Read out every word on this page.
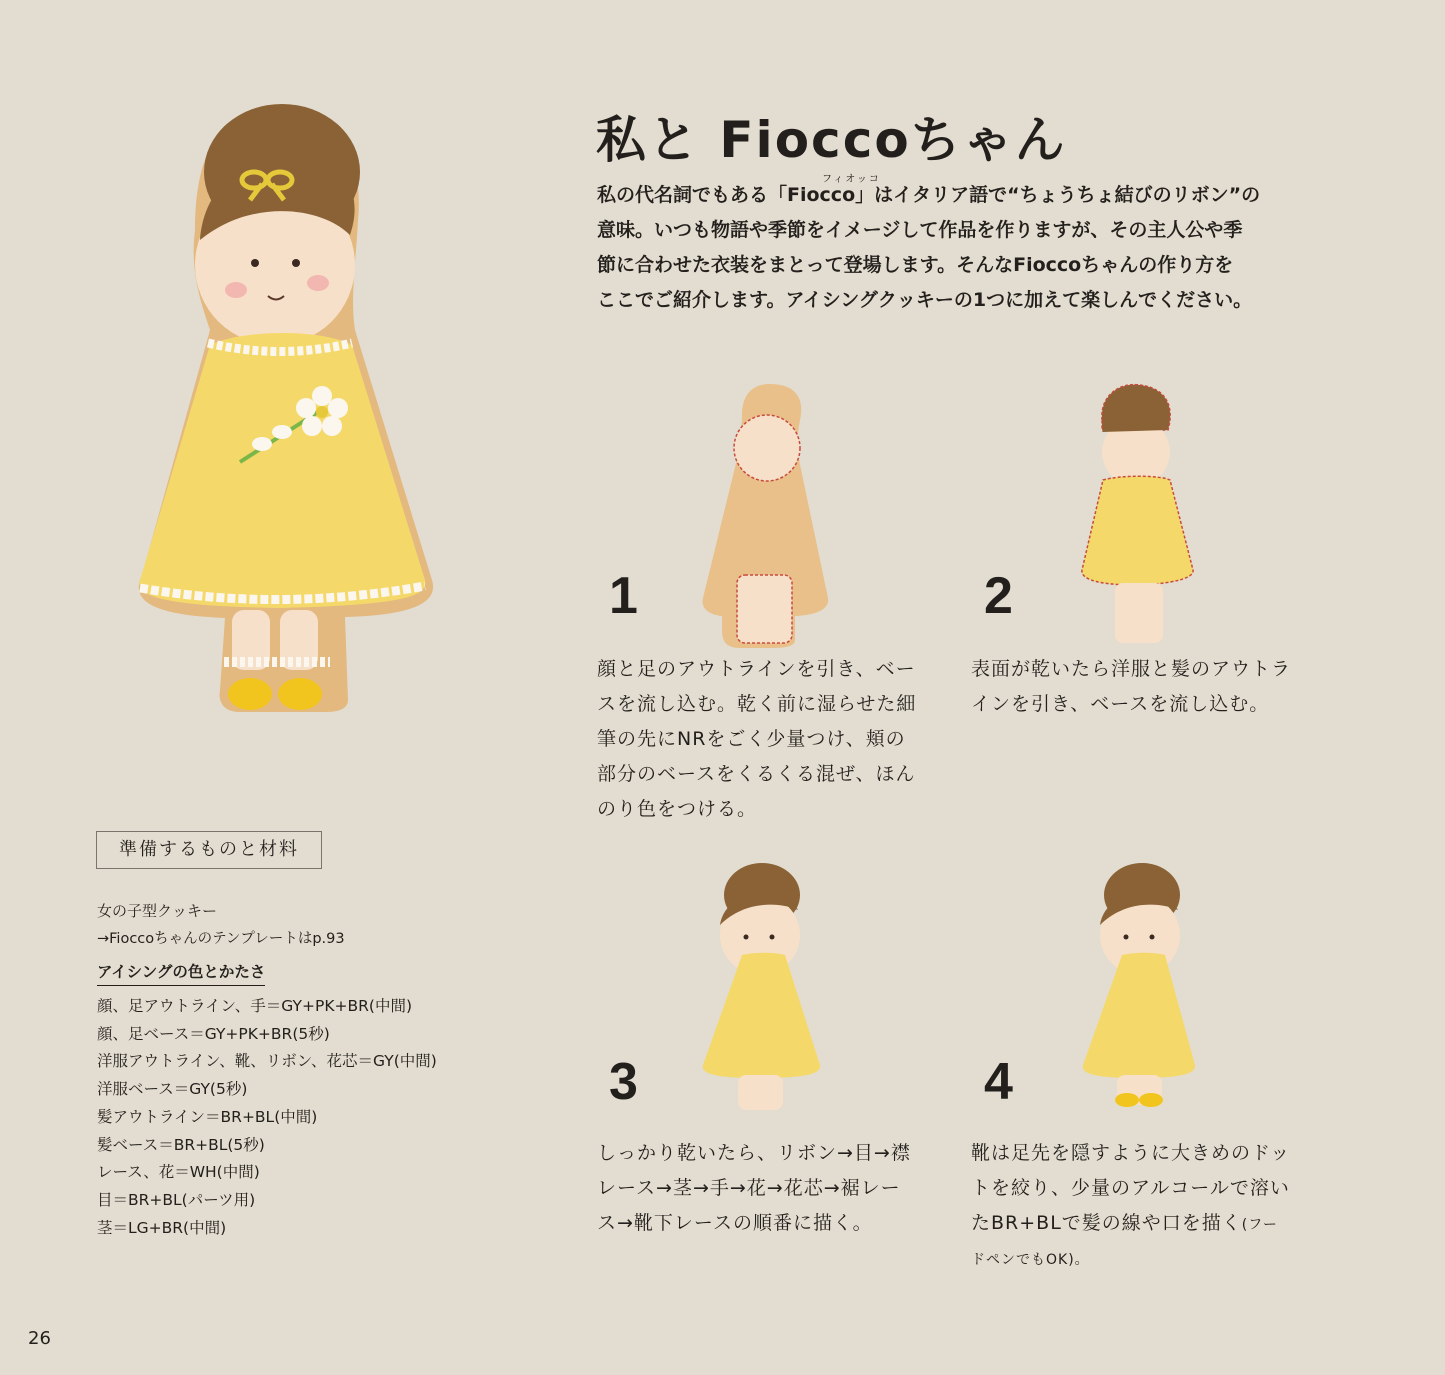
私と Fioccoちゃん
フィオッコ

私の代名詞でもある「Fiocco」はイタリア語で“ちょうちょ結びのリボン”の

意味。いつも物語や季節をイメージして作品を作りますが、その主人公や季

節に合わせた衣装をまとって登場します。そんなFioccoちゃんの作り方を

ここでご紹介します。アイシングクッキーの1つに加えて楽しんでください。

1	2
3	4

顔と足のアウトラインを引き、ベー

スを流し込む。乾く前に湿らせた細

筆の先にNRをごく少量つけ、頬の

部分のベースをくるくる混ぜ、ほん

のり色をつける。

表面が乾いたら洋服と髪のアウトラ

インを引き、ベースを流し込む。

しっかり乾いたら、リボン→目→襟

レース→茎→手→花→花芯→裾レー

ス→靴下レースの順番に描く。

靴は足先を隠すように大きめのドッ

トを絞り、少量のアルコールで溶い

たBR+BLで髪の線や口を描く(フー

ドペンでもOK)。

準備するものと材料
女の子型クッキー
→Fioccoちゃんのテンプレートはp.93
アイシングの色とかたさ
顔、足アウトライン、手＝GY+PK+BR(中間)
顔、足ベース＝GY+PK+BR(5秒)
洋服アウトライン、靴、リボン、花芯＝GY(中間)
洋服ベース＝GY(5秒)
髪アウトライン＝BR+BL(中間)
髪ベース＝BR+BL(5秒)
レース、花＝WH(中間)
目＝BR+BL(パーツ用)
茎＝LG+BR(中間)
26
